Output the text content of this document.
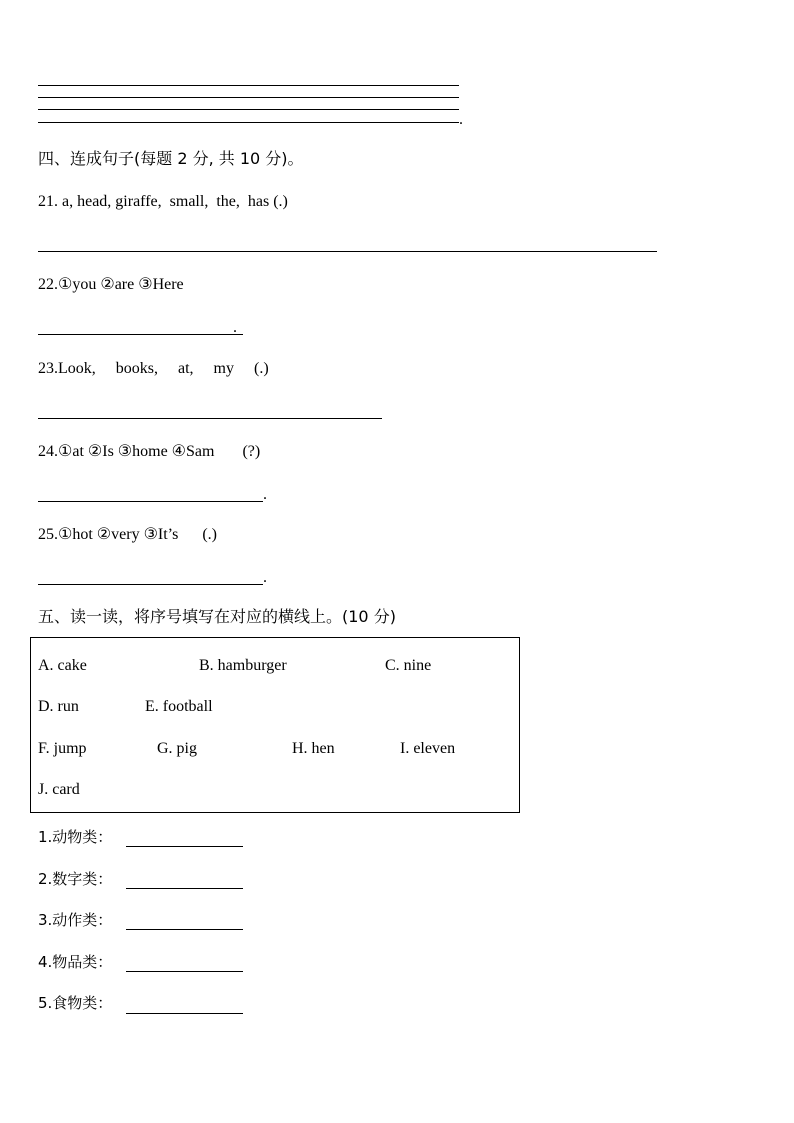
.
四、连成句子(每题 2 分, 共 10 分)。
21. a, head, giraffe,  small,  the,  has (.)
22.①you ②are ③Here
.
23.Look,     books,     at,     my     (.)
24.①at ②Is ③home ④Sam       (?)
.
25.①hot ②very ③It’s      (.)
.
五、读一读，将序号填写在对应的横线上。(10 分)
A. cake	B. hamburger	C. nine
D. run	E. football
F. jump	G. pig	H. hen	I. eleven
J. card
1.动物类：
2.数字类：
3.动作类：
4.物品类：
5.食物类：
